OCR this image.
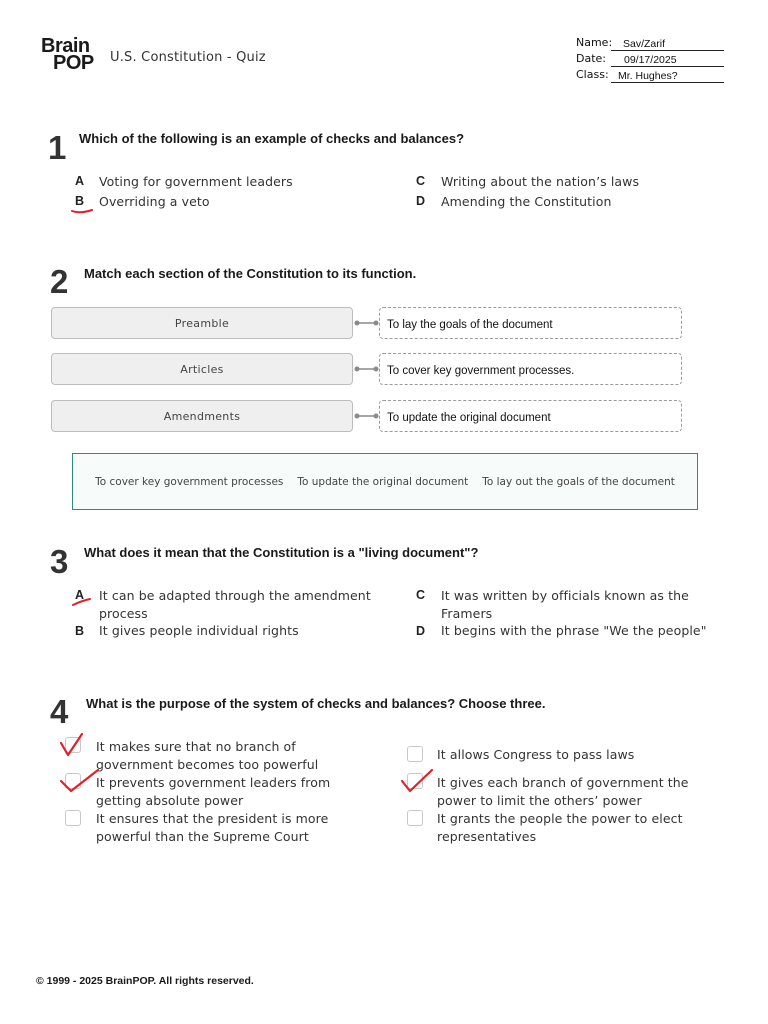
Brain
POP U.S. Constitution - Quiz
Name:	Sav/Zarif
Date:	09/17/2025
Class: Mr. Hughes?
1 Which of the following is an example of checks and balances?
A	Voting for government leaders
B	Overriding a veto
C	Writing about the nation’s laws
D	Amending the Constitution
2 Match each section of the Constitution to its function.
Preamble	To lay the goals of the document
Articles	To cover key government processes.
Amendments	To update the original document
To cover key government processes To update the original document To lay out the goals of the document
3 What does it mean that the Constitution is a "living document"?
A	It can be adapted through the amendment
process
B	It gives people individual rights
C	It was written by officials known as the
Framers
D	It begins with the phrase "We the people"
4 What is the purpose of the system of checks and balances? Choose three.
It makes sure that no branch of
government becomes too powerful
It prevents government leaders from
getting absolute power
It ensures that the president is more
powerful than the Supreme Court
It allows Congress to pass laws
It gives each branch of government the
power to limit the others’ power
It grants the people the power to elect
representatives
© 1999 - 2025 BrainPOP. All rights reserved.
